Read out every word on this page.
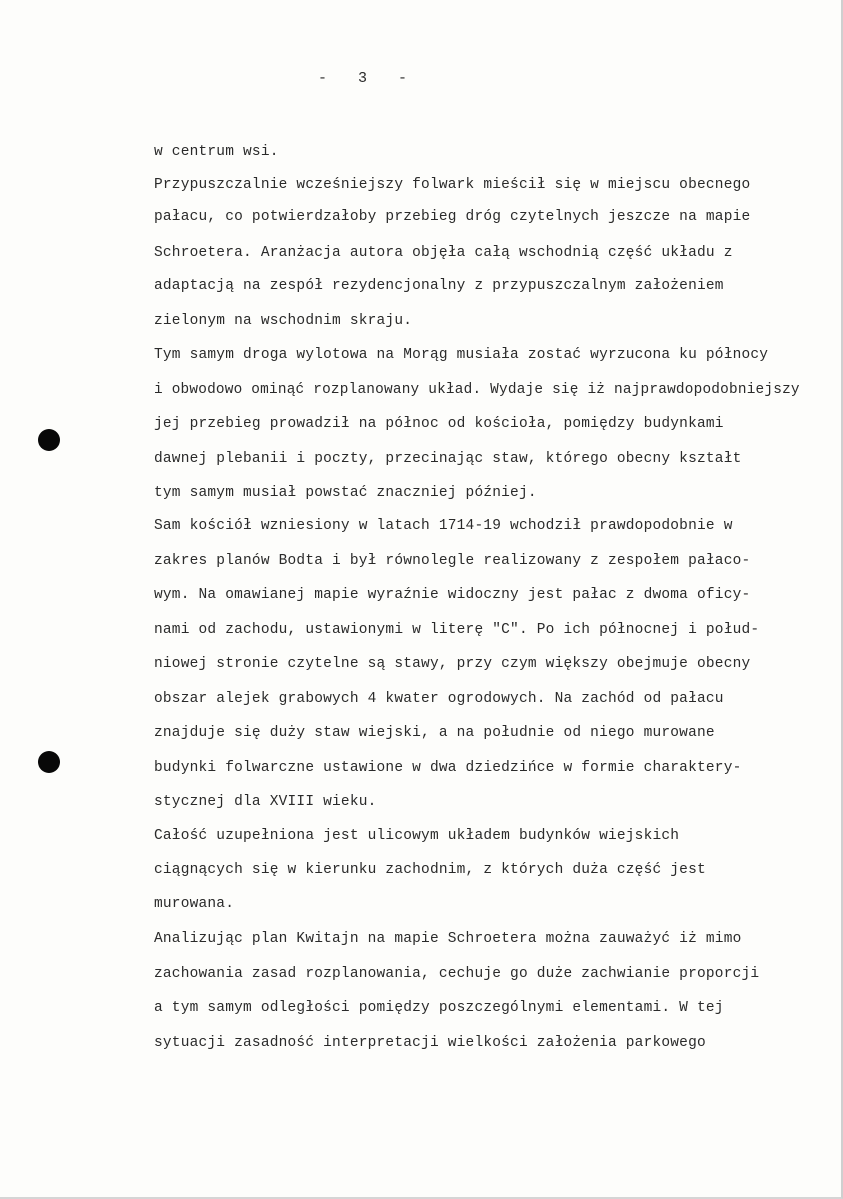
-   3   -
w centrum wsi.
Przypuszczalnie wcześniejszy folwark mieścił się w miejscu obecnego
pałacu, co potwierdzałoby przebieg dróg czytelnych jeszcze na mapie
Schroetera. Aranżacja autora objęła całą wschodnią część układu z
adaptacją na zespół rezydencjonalny z przypuszczalnym założeniem
zielonym na wschodnim skraju.
Tym samym droga wylotowa na Morąg musiała zostać wyrzucona ku północy
i obwodowo ominąć rozplanowany układ. Wydaje się iż najprawdopodobniejszy
jej przebieg prowadził na północ od kościoła, pomiędzy budynkami
dawnej plebanii i poczty, przecinając staw, którego obecny kształt
tym samym musiał powstać znaczniej później.
Sam kościół wzniesiony w latach 1714-19 wchodził prawdopodobnie w
zakres planów Bodta i był równolegle realizowany z zespołem pałaco-
wym. Na omawianej mapie wyraźnie widoczny jest pałac z dwoma oficy-
nami od zachodu, ustawionymi w literę "C". Po ich północnej i połud-
niowej stronie czytelne są stawy, przy czym większy obejmuje obecny
obszar alejek grabowych 4 kwater ogrodowych. Na zachód od pałacu
znajduje się duży staw wiejski, a na południe od niego murowane
budynki folwarczne ustawione w dwa dziedzińce w formie charaktery-
stycznej dla XVIII wieku.
Całość uzupełniona jest ulicowym układem budynków wiejskich
ciągnących się w kierunku zachodnim, z których duża część jest
murowana.
Analizując plan Kwitajn na mapie Schroetera można zauważyć iż mimo
zachowania zasad rozplanowania, cechuje go duże zachwianie proporcji
a tym samym odległości pomiędzy poszczególnymi elementami. W tej
sytuacji zasadność interpretacji wielkości założenia parkowego
